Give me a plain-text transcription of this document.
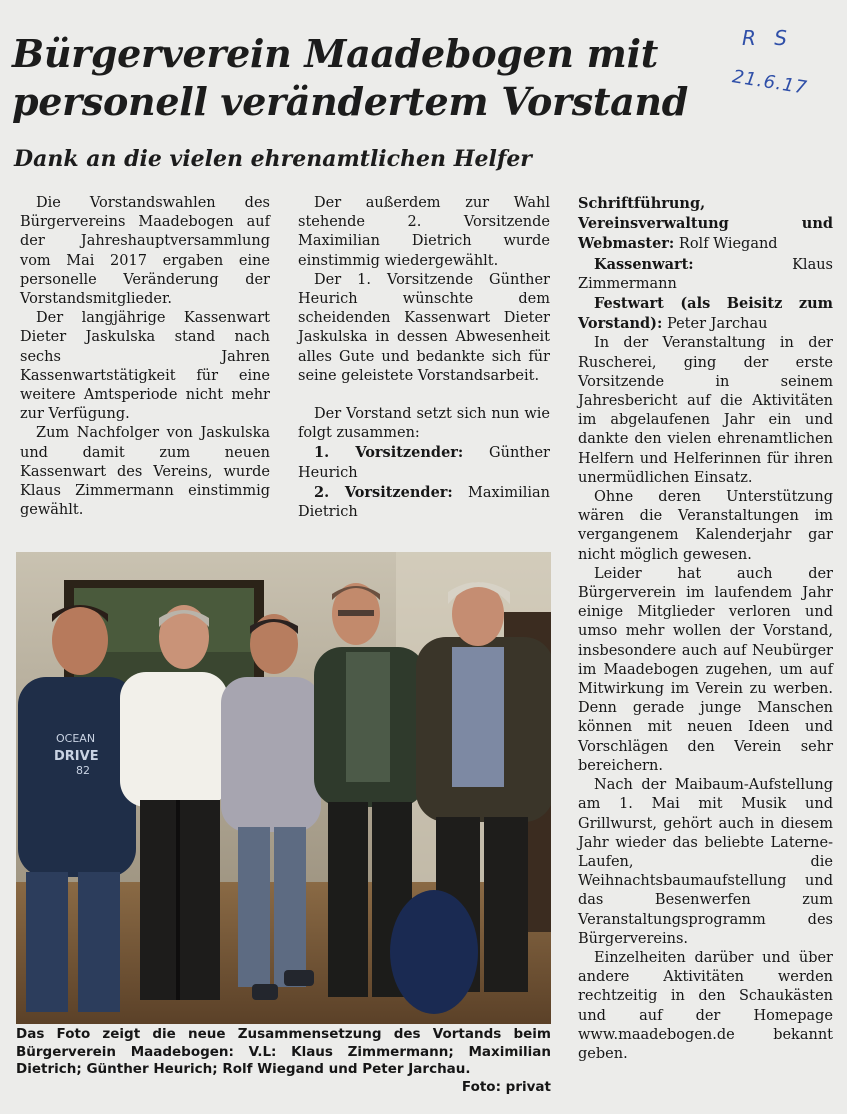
Bürgerverein Maadebogen mit
personell verändertem Vorstand
R S
21.6.17
Dank an die vielen ehrenamtlichen Helfer

Die Vorstandswahlen des Bürgervereins Maadebogen auf der Jahreshauptversammlung vom Mai 2017 ergaben eine personelle Veränderung der Vorstandsmitglieder.

Der langjährige Kassenwart Dieter Jaskulska stand nach sechs Jahren Kassenwartstätigkeit für eine weitere Amtsperiode nicht mehr zur Verfügung.

Zum Nachfolger von Jaskulska und damit zum neuen Kassenwart des Vereins, wurde Klaus Zimmermann einstimmig gewählt.

Der außerdem zur Wahl stehende 2. Vorsitzende Maximilian Dietrich wurde einstimmig wiedergewählt.

Der 1. Vorsitzende Günther Heurich wünschte dem scheidenden Kassenwart Dieter Jaskulska in dessen Abwesenheit alles Gute und bedankte sich für seine geleistete Vorstandsarbeit.

Der Vorstand setzt sich nun wie folgt zusammen:

1. Vorsitzender: Günther Heurich

2. Vorsitzender: Maximilian Dietrich

Schriftführung, Vereinsverwaltung und Webmaster: Rolf Wiegand

Kassenwart:	Klaus Zimmermann

Festwart (als Beisitz zum Vorstand): Peter Jarchau

In der Veranstaltung in der Ruscherei, ging der erste Vorsitzende in seinem Jahresbericht auf die Aktivitäten im abgelaufenen Jahr ein und dankte den vielen ehrenamtlichen Helfern und Helferinnen für ihren unermüdlichen Einsatz.

Ohne deren Unterstützung wären die Veranstaltungen im vergangenem Kalenderjahr gar nicht möglich gewesen.

Leider hat auch der Bürgerverein im laufendem Jahr einige Mitglieder verloren und umso mehr wollen der Vorstand, insbesondere auch auf Neubürger im Maadebogen zugehen, um auf Mitwirkung im Verein zu werben. Denn gerade junge Manschen können mit neuen Ideen und Vorschlägen den Verein sehr bereichern.

Nach der Maibaum-Aufstellung am 1. Mai mit Musik und Grillwurst, gehört auch in diesem Jahr wieder das beliebte Laterne-Laufen, die Weihnachtsbaumaufstellung und das Besenwerfen zum Veranstaltungsprogramm des Bürgervereins.

Einzelheiten darüber und über andere Aktivitäten werden rechtzeitig in den Schaukästen und auf der Homepage www.maadebogen.de bekannt geben.

OCEAN
DRIVE
82
Das Foto zeigt die neue Zusammensetzung des Vortands beim Bürgerverein Maadebogen: V.L: Klaus Zimmermann; Maximilian Dietrich; Günther Heurich; Rolf Wiegand und Peter Jarchau.
Foto: privat
